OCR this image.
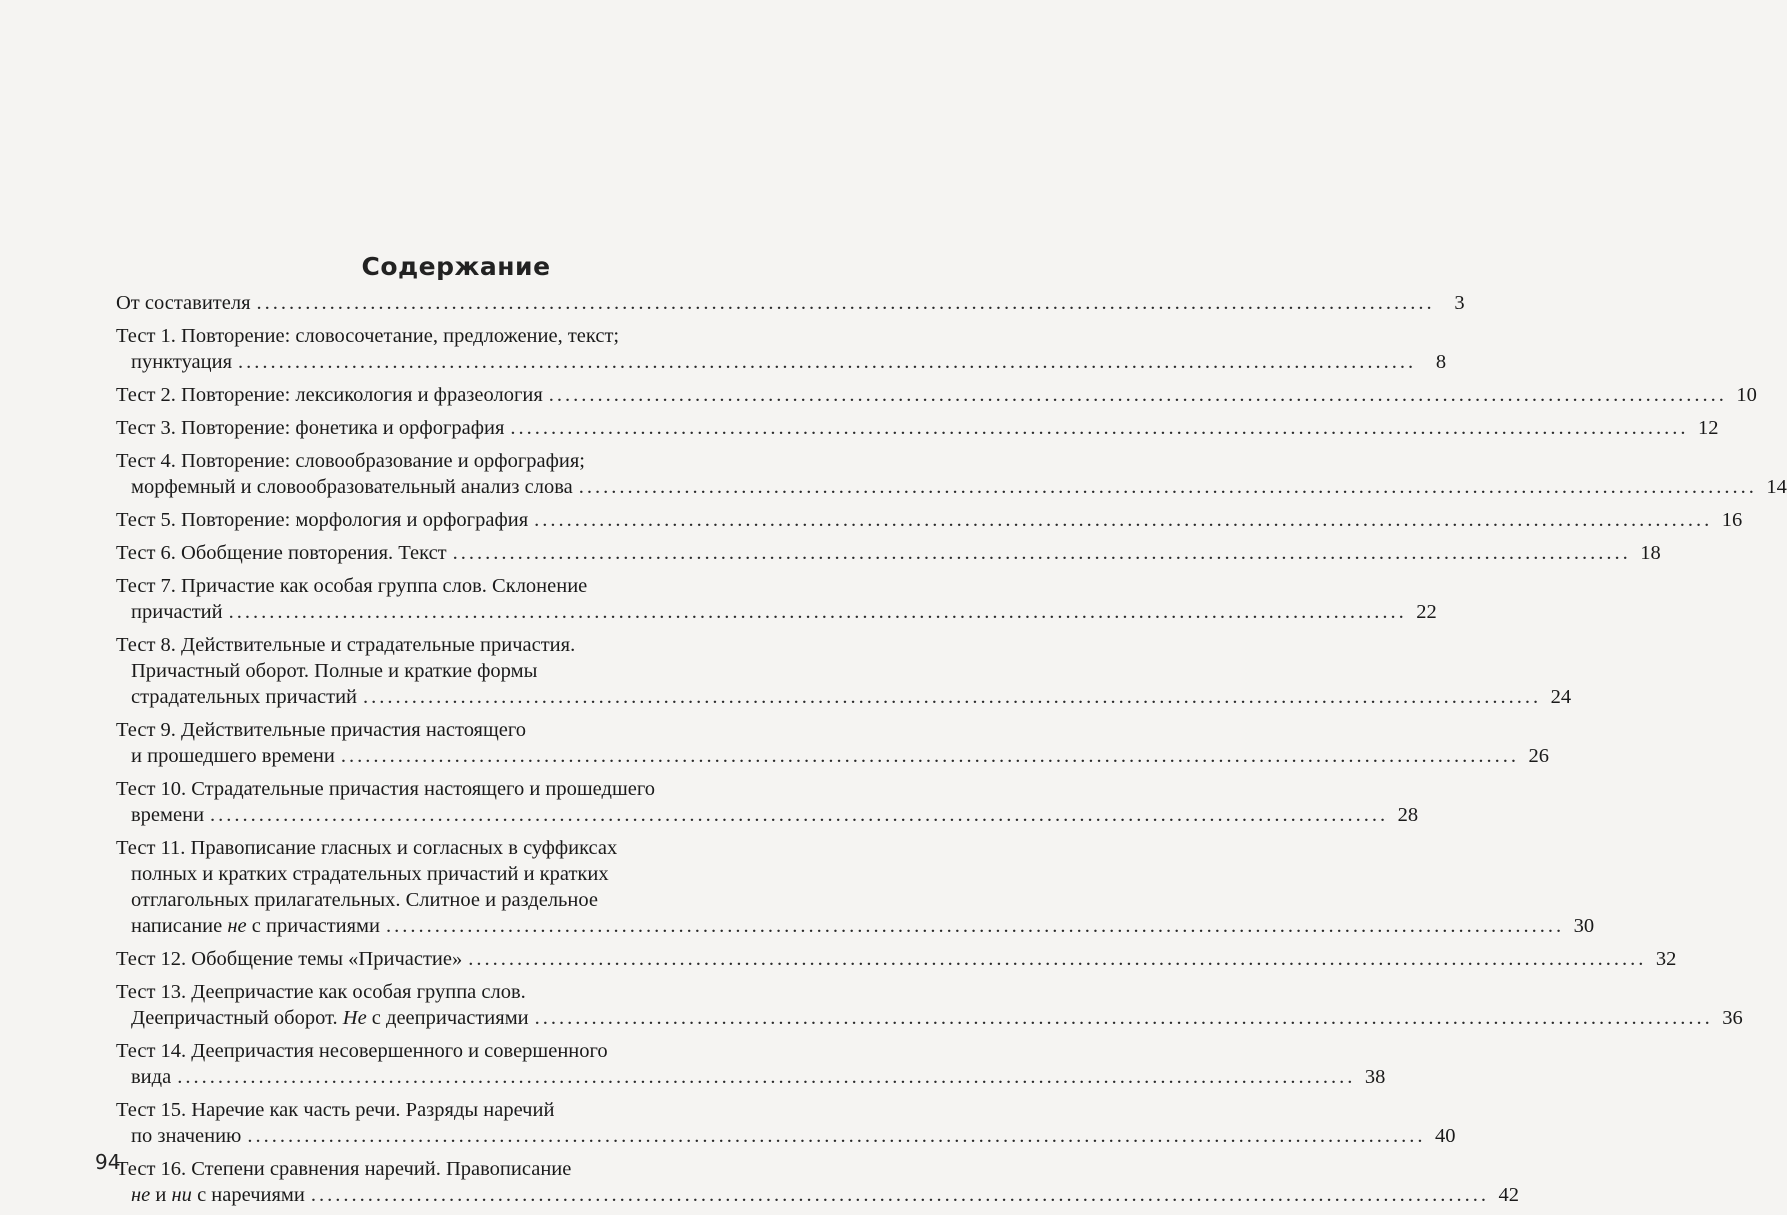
Содержание
От составителя ................................................................................................................................................. 3
Тест 1. Повторение: словосочетание, предложение, текст;
пунктуация ................................................................................................................................................. 8
Тест 2. Повторение: лексикология и фразеология ................................................................................................................................................. 10
Тест 3. Повторение: фонетика и орфография ................................................................................................................................................. 12
Тест 4. Повторение: словообразование и орфография;
морфемный и словообразовательный анализ слова ................................................................................................................................................. 14
Тест 5. Повторение: морфология и орфография ................................................................................................................................................. 16
Тест 6. Обобщение повторения. Текст ................................................................................................................................................. 18
Тест 7. Причастие как особая группа слов. Склонение
причастий ................................................................................................................................................. 22
Тест 8. Действительные и страдательные причастия.
Причастный оборот. Полные и краткие формы
страдательных причастий ................................................................................................................................................. 24
Тест 9. Действительные причастия настоящего
и прошедшего времени ................................................................................................................................................. 26
Тест 10. Страдательные причастия настоящего и прошедшего
времени ................................................................................................................................................. 28
Тест 11. Правописание гласных и согласных в суффиксах
полных и кратких страдательных причастий и кратких
отглагольных прилагательных. Слитное и раздельное
написание не с причастиями ................................................................................................................................................. 30
Тест 12. Обобщение темы «Причастие» ................................................................................................................................................. 32
Тест 13. Деепричастие как особая группа слов.
Деепричастный оборот. Не с деепричастиями ................................................................................................................................................. 36
Тест 14. Деепричастия несовершенного и совершенного
вида ................................................................................................................................................. 38
Тест 15. Наречие как часть речи. Разряды наречий
по значению ................................................................................................................................................. 40
Тест 16. Степени сравнения наречий. Правописание
не и ни с наречиями ................................................................................................................................................. 42
94
